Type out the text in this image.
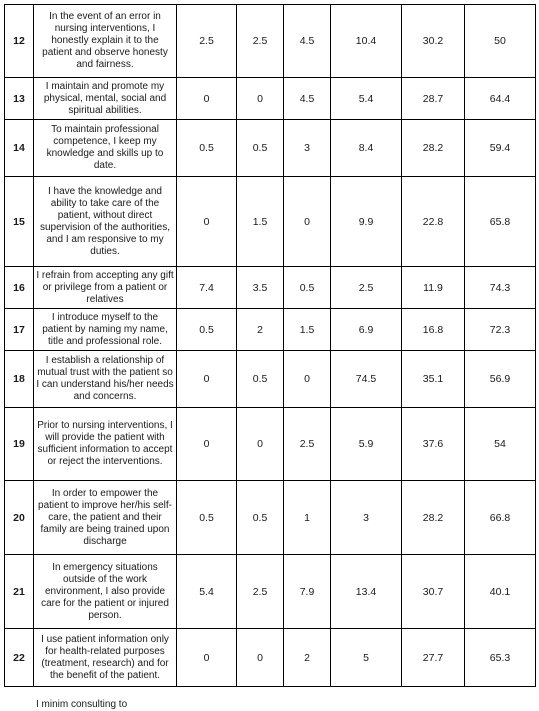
12	In the event of an error in nursing interventions, I honestly explain it to the patient and observe honesty and fairness.	2.5	2.5	4.5	10.4	30.2	50
13	I maintain and promote my physical, mental, social and spiritual abilities.	0	0	4.5	5.4	28.7	64.4
14	To maintain professional competence, I keep my knowledge and skills up to date.	0.5	0.5	3	8.4	28.2	59.4
15	I have the knowledge and ability to take care of the patient, without direct supervision of the authorities, and I am responsive to my duties.	0	1.5	0	9.9	22.8	65.8
16	I refrain from accepting any gift or privilege from a patient or relatives	7.4	3.5	0.5	2.5	11.9	74.3
17	I introduce myself to the patient by naming my name, title and professional role.	0.5	2	1.5	6.9	16.8	72.3
18	I establish a relationship of mutual trust with the patient so I can understand his/her needs and concerns.	0	0.5	0	74.5	35.1	56.9
19	Prior to nursing interventions, I will provide the patient with sufficient information to accept or reject the interventions.	0	0	2.5	5.9	37.6	54
20	In order to empower the patient to improve her/his self-care, the patient and their family are being trained upon discharge	0.5	0.5	1	3	28.2	66.8
21	In emergency situations outside of the work environment, I also provide care for the patient or injured person.	5.4	2.5	7.9	13.4	30.7	40.1
22	I use patient information only for health-related purposes (treatment, research) and for the benefit of the patient.	0	0	2	5	27.7	65.3
I minim consulting to
